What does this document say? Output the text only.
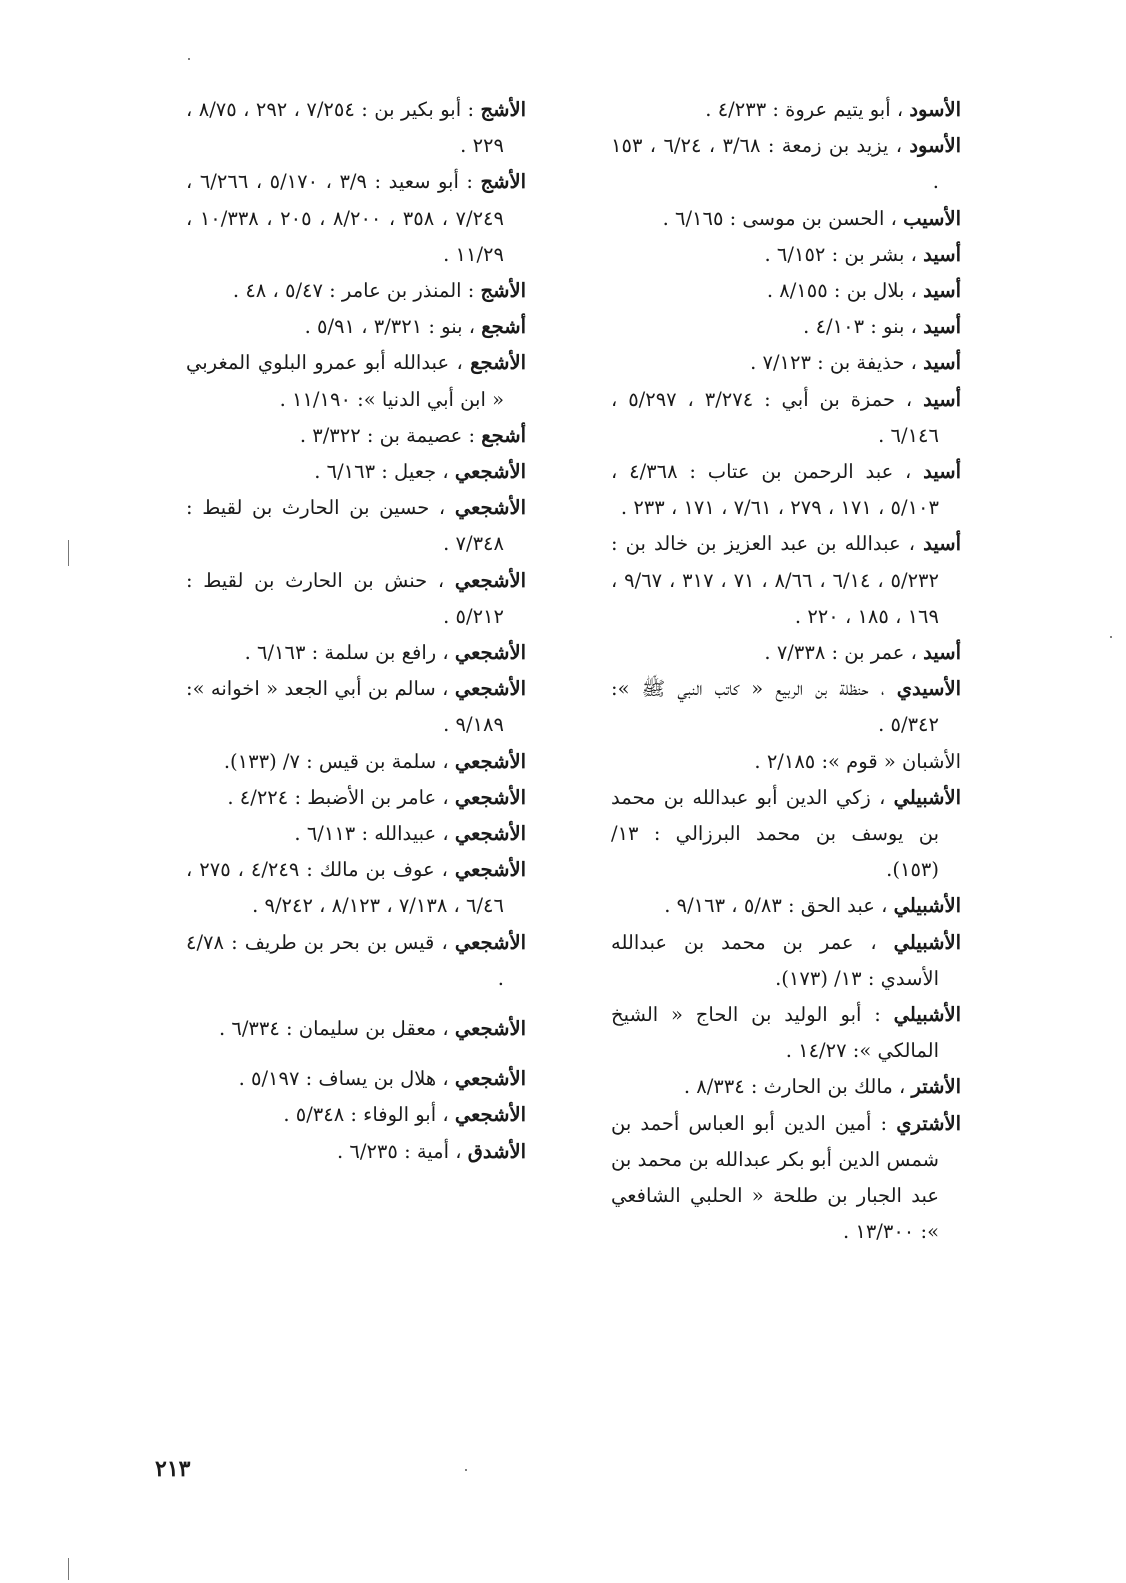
الأسود ، أبو يتيم عروة : ٤/٢٣٣ .

الأسود ، يزيد بن زمعة : ٣/٦٨ ، ٦/٢٤ ، ١٥٣ .

الأسيب ، الحسن بن موسى : ٦/١٦٥ .

أسيد ، بشر بن : ٦/١٥٢ .

أسيد ، بلال بن : ٨/١٥٥ .

أسيد ، بنو : ٤/١٠٣ .

أسيد ، حذيفة بن : ٧/١٢٣ .

أسيد ، حمزة بن أبي : ٣/٢٧٤ ، ٥/٢٩٧ ، ٦/١٤٦ .

أسيد ، عبد الرحمن بن عتاب : ٤/٣٦٨ ، ٥/١٠٣ ، ١٧١ ، ٢٧٩ ، ٧/٦١ ، ١٧١ ، ٢٣٣ .

أسيد ، عبدالله بن عبد العزيز بن خالد بن : ٥/٢٣٢ ، ٦/١٤ ، ٨/٦٦ ، ٧١ ، ٣١٧ ، ٩/٦٧ ، ١٦٩ ، ١٨٥ ، ٢٢٠ .

أسيد ، عمر بن : ٧/٣٣٨ .

الأسيدي ، حنظلة بن الربيع « كاتب النبي ﷺ »: ٥/٣٤٢ .

الأشبان « قوم »: ٢/١٨٥ .

الأشبيلي ، زكي الدين أبو عبدالله بن محمد بن يوسف بن محمد البرزالي : ١٣/ (١٥٣).

الأشبيلي ، عبد الحق : ٥/٨٣ ، ٩/١٦٣ .

الأشبيلي ، عمر بن محمد بن عبدالله الأسدي : ١٣/ (١٧٣).

الأشبيلي : أبو الوليد بن الحاج « الشيخ المالكي »: ١٤/٢٧ .

الأشتر ، مالك بن الحارث : ٨/٣٣٤ .

الأشتري : أمين الدين أبو العباس أحمد بن شمس الدين أبو بكر عبدالله بن محمد بن عبد الجبار بن طلحة « الحلبي الشافعي »: ١٣/٣٠٠ .

الأشج : أبو بكير بن : ٧/٢٥٤ ، ٢٩٢ ، ٨/٧٥ ، ٢٢٩ .

الأشج : أبو سعيد : ٣/٩ ، ٥/١٧٠ ، ٦/٢٦٦ ، ٧/٢٤٩ ، ٣٥٨ ، ٨/٢٠٠ ، ٢٠٥ ، ١٠/٣٣٨ ، ١١/٢٩ .

الأشج : المنذر بن عامر : ٥/٤٧ ، ٤٨ .

أشجع ، بنو : ٣/٣٢١ ، ٥/٩١ .

الأشجع ، عبدالله أبو عمرو البلوي المغربي « ابن أبي الدنيا »: ١١/١٩٠ .

أشجع : عصيمة بن : ٣/٣٢٢ .

الأشجعي ، جعيل : ٦/١٦٣ .

الأشجعي ، حسين بن الحارث بن لقيط : ٧/٣٤٨ .

الأشجعي ، حنش بن الحارث بن لقيط : ٥/٢١٢ .

الأشجعي ، رافع بن سلمة : ٦/١٦٣ .

الأشجعي ، سالم بن أبي الجعد « اخوانه »: ٩/١٨٩ .

الأشجعي ، سلمة بن قيس : ٧/ (١٣٣).

الأشجعي ، عامر بن الأضبط : ٤/٢٢٤ .

الأشجعي ، عبيدالله : ٦/١١٣ .

الأشجعي ، عوف بن مالك : ٤/٢٤٩ ، ٢٧٥ ، ٦/٤٦ ، ٧/١٣٨ ، ٨/١٢٣ ، ٩/٢٤٢ .

الأشجعي ، قيس بن بحر بن طريف : ٤/٧٨ .

الأشجعي ، معقل بن سليمان : ٦/٣٣٤ .

الأشجعي ، هلال بن يساف : ٥/١٩٧ .

الأشجعي ، أبو الوفاء : ٥/٣٤٨ .

الأشدق ، أمية : ٦/٢٣٥ .

٢١٣
